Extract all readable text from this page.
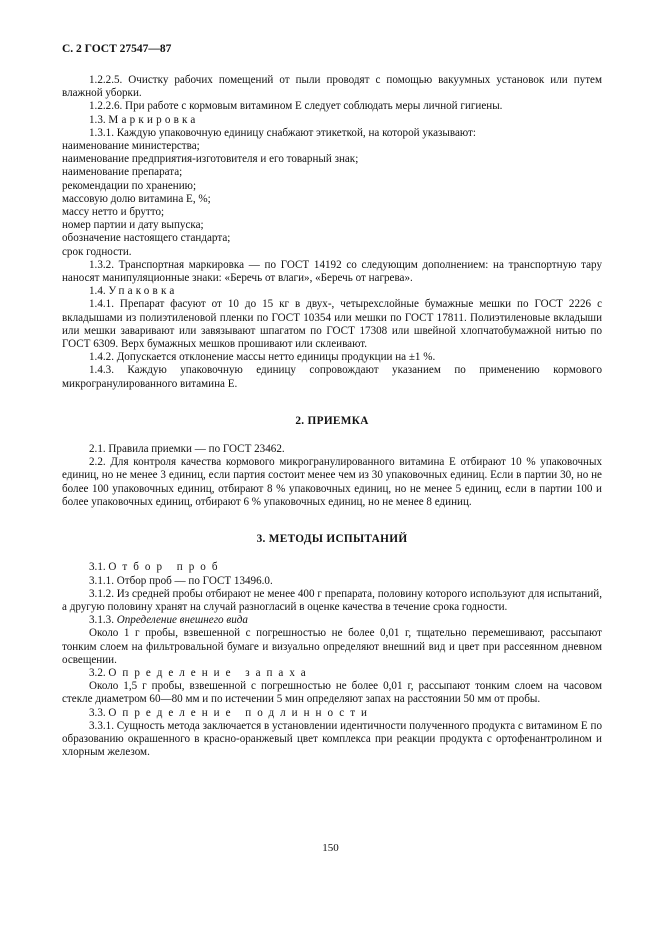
С. 2 ГОСТ 27547—87

1.2.2.5. Очистку рабочих помещений от пыли проводят с помощью вакуумных установок или путем влажной уборки.

1.2.2.6. При работе с кормовым витамином Е следует соблюдать меры личной гигиены.

1.3. Маркировка

1.3.1. Каждую упаковочную единицу снабжают этикеткой, на которой указывают:

наименование министерства;

наименование предприятия-изготовителя и его товарный знак;

наименование препарата;

рекомендации по хранению;

массовую долю витамина Е, %;

массу нетто и брутто;

номер партии и дату выпуска;

обозначение настоящего стандарта;

срок годности.

1.3.2. Транспортная маркировка — по ГОСТ 14192 со следующим дополнением: на транспортную тару наносят манипуляционные знаки: «Беречь от влаги», «Беречь от нагрева».

1.4. Упаковка

1.4.1. Препарат фасуют от 10 до 15 кг в двух-, четырехслойные бумажные мешки по ГОСТ 2226 с вкладышами из полиэтиленовой пленки по ГОСТ 10354 или мешки по ГОСТ 17811. Полиэтиленовые вкладыши или мешки заваривают или завязывают шпагатом по ГОСТ 17308 или швейной хлопчатобумажной нитью по ГОСТ 6309. Верх бумажных мешков прошивают или склеивают.

1.4.2. Допускается отклонение массы нетто единицы продукции на ±1 %.

1.4.3. Каждую упаковочную единицу сопровождают указанием по применению кормового микрогранулированного витамина Е.

2. ПРИЕМКА

2.1. Правила приемки — по ГОСТ 23462.

2.2. Для контроля качества кормового микрогранулированного витамина Е отбирают 10 % упаковочных единиц, но не менее 3 единиц, если партия состоит менее чем из 30 упаковочных единиц. Если в партии 30, но не более 100 упаковочных единиц, отбирают 8 % упаковочных единиц, но не менее 5 единиц, если в партии 100 и более упаковочных единиц, отбирают 6 % упаковочных единиц, но не менее 8 единиц.

3. МЕТОДЫ ИСПЫТАНИЙ

3.1. Отбор проб

3.1.1. Отбор проб — по ГОСТ 13496.0.

3.1.2. Из средней пробы отбирают не менее 400 г препарата, половину которого используют для испытаний, а другую половину хранят на случай разногласий в оценке качества в течение срока годности.

3.1.3. Определение внешнего вида

Около 1 г пробы, взвешенной с погрешностью не более 0,01 г, тщательно перемешивают, рассыпают тонким слоем на фильтровальной бумаге и визуально определяют внешний вид и цвет при рассеянном дневном освещении.

3.2. Определение запаха

Около 1,5 г пробы, взвешенной с погрешностью не более 0,01 г, рассыпают тонким слоем на часовом стекле диаметром 60—80 мм и по истечении 5 мин определяют запах на расстоянии 50 мм от пробы.

3.3. Определение подлинности

3.3.1. Сущность метода заключается в установлении идентичности полученного продукта с витамином Е по образованию окрашенного в красно-оранжевый цвет комплекса при реакции продукта с ортофенантролином и хлорным железом.

150
